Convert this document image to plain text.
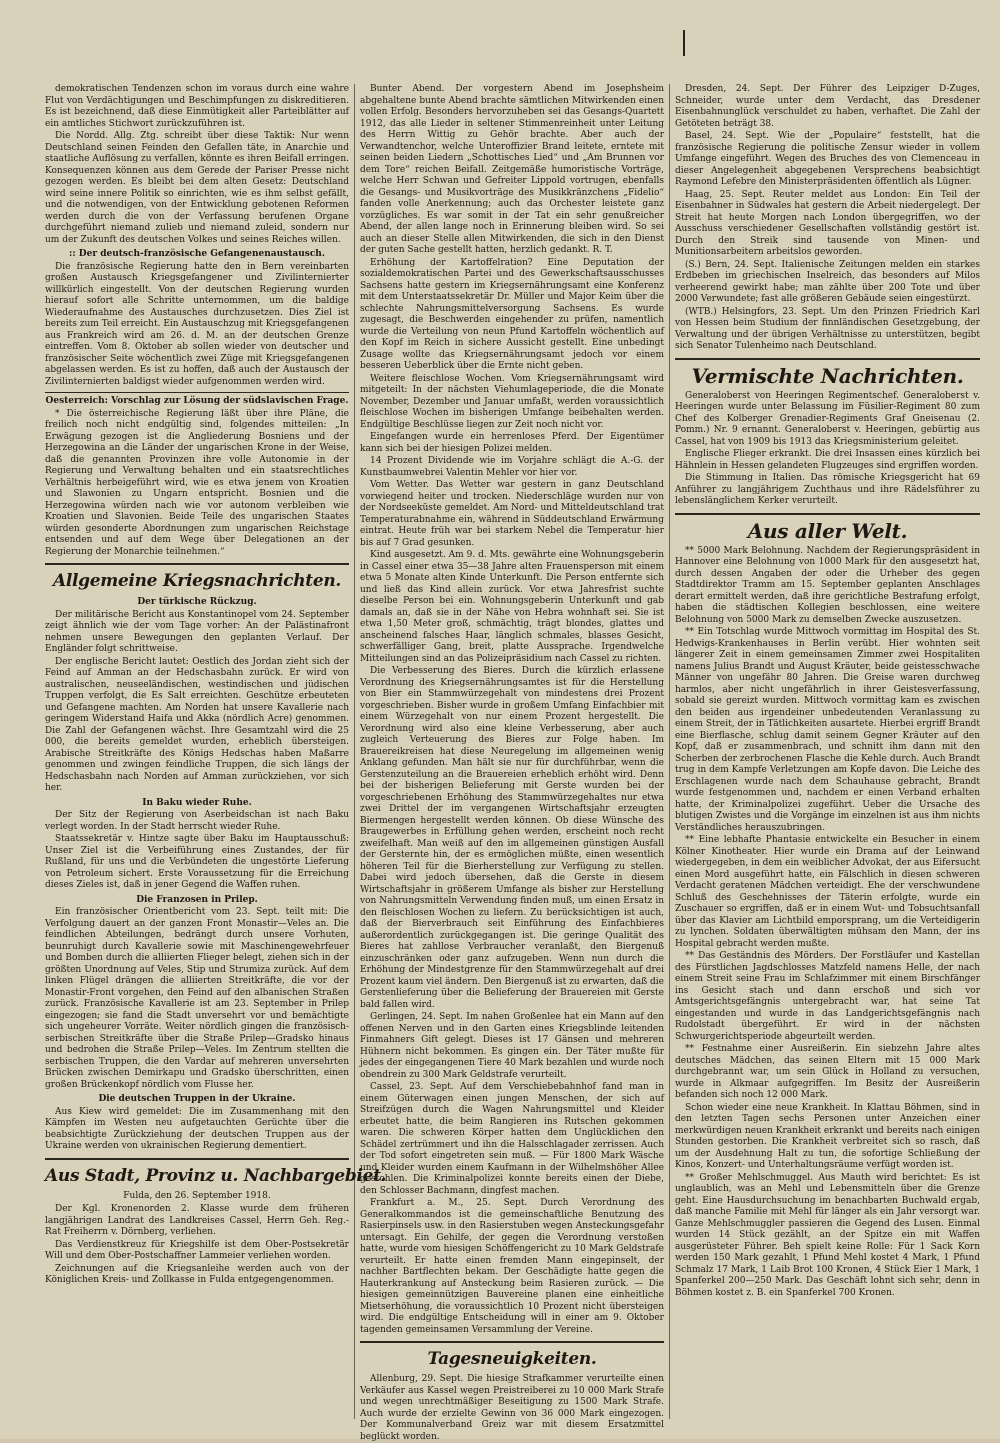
demokratischen Tendenzen schon im voraus durch eine wahre Flut von Verdächtigungen und Beschimpfungen zu diskreditieren. Es ist bezeichnend, daß diese Einmütigkeit aller Parteiblätter auf ein amtliches Stichwort zurückzuführen ist.

Die Nordd. Allg. Ztg. schreibt über diese Taktik: Nur wenn Deutschland seinen Feinden den Gefallen täte, in Anarchie und staatliche Auflösung zu verfallen, könnte es ihren Beifall erringen. Konsequenzen können aus dem Gerede der Pariser Presse nicht gezogen werden. Es bleibt bei dem alten Gesetz: Deutschland wird seine innere Politik so einrichten, wie es ihm selbst gefällt, und die notwendigen, von der Entwicklung gebotenen Reformen werden durch die von der Verfassung berufenen Organe durchgeführt niemand zulieb und niemand zuleid, sondern nur um der Zukunft des deutschen Volkes und seines Reiches willen.

:: Der deutsch-französische Gefangenenaustausch.

Die französische Regierung hatte den in Bern vereinbarten großen Austausch Kriegsgefangener und Zivilinternierter willkürlich eingestellt. Von der deutschen Regierung wurden hierauf sofort alle Schritte unternommen, um die baldige Wiederaufnahme des Austausches durchzusetzen. Dies Ziel ist bereits zum Teil erreicht. Ein Austauschzug mit Kriegsgefangenen aus Frankreich wird am 26. d. M. an der deutschen Grenze eintreffen. Vom 8. Oktober ab sollen wieder von deutscher und französischer Seite wöchentlich zwei Züge mit Kriegsgefangenen abgelassen werden. Es ist zu hoffen, daß auch der Austausch der Zivilinternierten baldigst wieder aufgenommen werden wird.

Oesterreich: Vorschlag zur Lösung der südslavischen Frage.

* Die österreichische Regierung läßt über ihre Pläne, die freilich noch nicht endgültig sind, folgendes mitteilen: „In Erwägung gezogen ist die Angliederung Bosniens und der Herzegowina an die Länder der ungarischen Krone in der Weise, daß die genannten Provinzen ihre volle Autonomie in der Regierung und Verwaltung behalten und ein staatsrechtliches Verhältnis herbeigeführt wird, wie es etwa jenem von Kroatien und Slawonien zu Ungarn entspricht. Bosnien und die Herzegowina würden nach wie vor autonom verbleiben wie Kroatien und Slavonien. Beide Teile des ungarischen Staates würden gesonderte Abordnungen zum ungarischen Reichstage entsenden und auf dem Wege über Delegationen an der Regierung der Monarchie teilnehmen.“

Allgemeine Kriegsnachrichten.
Der türkische Rückzug.

Der militärische Bericht aus Konstantinopel vom 24. September zeigt ähnlich wie der vom Tage vorher: An der Palästinafront nehmen unsere Bewegungen den geplanten Verlauf. Der Engländer folgt schrittweise.

Der englische Bericht lautet: Oestlich des Jordan zieht sich der Feind auf Amman an der Hedschasbahn zurück. Er wird von australischen, neuseeländischen, westindischen und jüdischen Truppen verfolgt, die Es Salt erreichten. Geschütze erbeuteten und Gefangene machten. Am Norden hat unsere Kavallerie nach geringem Widerstand Haifa und Akka (nördlich Acre) genommen. Die Zahl der Gefangenen wächst. Ihre Gesamtzahl wird die 25 000, die bereits gemeldet wurden, erheblich übersteigen. Arabische Streitkräfte des Königs Hedschas haben Maßarre genommen und zwingen feindliche Truppen, die sich längs der Hedschasbahn nach Norden auf Amman zurückziehen, vor sich her.

In Baku wieder Ruhe.

Der Sitz der Regierung von Aserbeidschan ist nach Baku verlegt worden. In der Stadt herrscht wieder Ruhe.

Staatssekretär v. Hintze sagte über Baku im Hauptausschuß: Unser Ziel ist die Verbeiführung eines Zustandes, der für Rußland, für uns und die Verbündeten die ungestörte Lieferung von Petroleum sichert. Erste Voraussetzung für die Erreichung dieses Zieles ist, daß in jener Gegend die Waffen ruhen.

Die Franzosen in Prilep.

Ein französischer Orientbericht vom 23. Sept. teilt mit: Die Verfolgung dauert an der ganzen Front Monastir—Veles an. Die feindlichen Abteilungen, bedrängt durch unsere Vorhuten, beunruhigt durch Kavallerie sowie mit Maschinengewehrfeuer und Bomben durch die alliierten Flieger belegt, ziehen sich in der größten Unordnung auf Veles, Stip und Strumiza zurück. Auf dem linken Flügel drängen die alliierten Streitkräfte, die vor der Monastir-Front vorgehen, den Feind auf den albanischen Straßen zurück. Französische Kavallerie ist am 23. September in Prilep eingezogen; sie fand die Stadt unversehrt vor und bemächtigte sich ungeheurer Vorräte. Weiter nördlich gingen die französisch-serbischen Streitkräfte über die Straße Prilep—Gradsko hinaus und bedrohen die Straße Prilep—Veles. Im Zentrum stellten die serbischen Truppen, die den Vardar auf mehreren unversehrten Brücken zwischen Demirkapu und Gradsko überschritten, einen großen Brückenkopf nördlich vom Flusse her.

Die deutschen Truppen in der Ukraine.

Aus Kiew wird gemeldet: Die im Zusammenhang mit den Kämpfen im Westen neu aufgetauchten Gerüchte über die beabsichtigte Zurückziehung der deutschen Truppen aus der Ukraine werden von ukrainischen Regierung dementiert.

Aus Stadt, Provinz u. Nachbargebiet.
Fulda, den 26. September 1918.

Der Kgl. Kronenorden 2. Klasse wurde dem früheren langjährigen Landrat des Landkreises Cassel, Herrn Geh. Reg.-Rat Freiherrn v. Dörnberg, verliehen.

Das Verdienstkreuz für Kriegshilfe ist dem Ober-Postsekretär Will und dem Ober-Postschaffner Lammeier verliehen worden.

Zeichnungen auf die Kriegsanleihe werden auch von der Königlichen Kreis- und Zollkasse in Fulda entgegengenommen.

Bunter Abend. Der vorgestern Abend im Josephsheim abgehaltene bunte Abend brachte sämtlichen Mitwirkenden einen vollen Erfolg. Besonders hervorzuheben sei das Gesangs-Quartett 1912, das alle Lieder in seltener Stimmenreinheit unter Leitung des Herrn Wittig zu Gehör brachte. Aber auch der Verwandtenchor, welche Unteroffizier Brand leitete, erntete mit seinen beiden Liedern „Schottisches Lied“ und „Am Brunnen vor dem Tore“ reichen Beifall. Zeitgemäße humoristische Vorträge, welche Herr Schwan und Gefreiter Lippold vortrugen, ebenfalls die Gesangs- und Musikvorträge des Musikkränzchens „Fidelio“ fanden volle Anerkennung; auch das Orchester leistete ganz vorzügliches. Es war somit in der Tat ein sehr genußreicher Abend, der allen lange noch in Erinnerung bleiben wird. So sei auch an dieser Stelle allen Mitwirkenden, die sich in den Dienst der guten Sache gestellt hatten, herzlich gedankt. R. T.

Erhöhung der Kartoffelration? Eine Deputation der sozialdemokratischen Partei und des Gewerkschaftsausschusses Sachsens hatte gestern im Kriegsernährungsamt eine Konferenz mit dem Unterstaatssekretär Dr. Müller und Major Keim über die schlechte Nahrungsmittelversorgung Sachsens. Es wurde zugesagt, die Beschwerden eingehender zu prüfen, namentlich wurde die Verteilung von neun Pfund Kartoffeln wöchentlich auf den Kopf im Reich in sichere Aussicht gestellt. Eine unbedingt Zusage wollte das Kriegsernährungsamt jedoch vor einem besseren Ueberblick über die Ernte nicht geben.

Weitere fleischlose Wochen. Vom Kriegsernährungsamt wird mitgeteilt: In der nächsten Viehumlageperiode, die die Monate November, Dezember und Januar umfaßt, werden voraussichtlich fleischlose Wochen im bisherigen Umfange beibehalten werden. Endgültige Beschlüsse liegen zur Zeit noch nicht vor.

Eingefangen wurde ein herrenloses Pferd. Der Eigentümer kann sich bei der hiesigen Polizei melden.

14 Prozent Dividende wie im Vorjahre schlägt die A.-G. der Kunstbaumwebrei Valentin Mehler vor hier vor.

Vom Wetter. Das Wetter war gestern in ganz Deutschland vorwiegend heiter und trocken. Niederschläge wurden nur von der Nordseeküste gemeldet. Am Nord- und Mitteldeutschland trat Temperaturabnahme ein, während in Süddeutschland Erwärmung eintrat. Heute früh war bei starkem Nebel die Temperatur hier bis auf 7 Grad gesunken.

Kind ausgesetzt. Am 9. d. Mts. gewährte eine Wohnungsgeberin in Cassel einer etwa 35—38 Jahre alten Frauensperson mit einem etwa 5 Monate alten Kinde Unterkunft. Die Person entfernte sich und ließ das Kind allein zurück. Vor etwa Jahresfrist suchte dieselbe Person bei ein. Wohnungsgeberin Unterkunft und gab damals an, daß sie in der Nähe von Hebra wohnhaft sei. Sie ist etwa 1,50 Meter groß, schmächtig, trägt blondes, glattes und anscheinend falsches Haar, länglich schmales, blasses Gesicht, schwerfälliger Gang, breit, platte Aussprache. Irgendwelche Mitteilungen sind an das Polizeipräsidium nach Cassel zu richten.

Die Verbesserung des Bieres. Durch die kürzlich erlassene Verordnung des Kriegsernährungsamtes ist für die Herstellung von Bier ein Stammwürzegehalt von mindestens drei Prozent vorgeschrieben. Bisher wurde in großem Umfang Einfachbier mit einem Würzegehalt von nur einem Prozent hergestellt. Die Verordnung wird also eine kleine Verbesserung, aber auch zugleich Verteuerung des Bieres zur Folge haben. Im Brauereikreisen hat diese Neuregelung im allgemeinen wenig Anklang gefunden. Man hält sie nur für durchführbar, wenn die Gerstenzuteilung an die Brauereien erheblich erhöht wird. Denn bei der bisherigen Belieferung mit Gerste wurden bei der vorgeschriebenen Erhöhung des Stammwürzegehaltes nur etwa zwei Drittel der im vergangenen Wirtschaftsjahr erzeugten Biermengen hergestellt werden können. Ob diese Wünsche des Braugewerbes in Erfüllung gehen werden, erscheint noch recht zweifelhaft. Man weiß auf den im allgemeinen günstigen Ausfall der Gersternte hin, der es ermöglichen müßte, einen wesentlich höheren Teil für die Bierherstellung zur Verfügung zu stellen. Dabei wird jedoch übersehen, daß die Gerste in diesem Wirtschaftsjahr in größerem Umfange als bisher zur Herstellung von Nahrungsmitteln Verwendung finden muß, um einen Ersatz in den fleischlosen Wochen zu liefern. Zu berücksichtigen ist auch, daß der Bierverbrauch seit Einführung des Einfachbieres außerordentlich zurückgegangen ist. Die geringe Qualität des Bieres hat zahllose Verbraucher veranlaßt, den Biergenuß einzuschränken oder ganz aufzugeben. Wenn nun durch die Erhöhung der Mindestgrenze für den Stammwürzegehalt auf drei Prozent kaum viel ändern. Den Biergenuß ist zu erwarten, daß die Gerstenlieferung über die Belieferung der Brauereien mit Gerste bald fallen wird.

Gerlingen, 24. Sept. Im nahen Großenlee hat ein Mann auf den offenen Nerven und in den Garten eines Kriegsblinde leitenden Finmahners Gift gelegt. Dieses ist 17 Gänsen und mehreren Hühnern nicht bekommen. Es gingen ein. Der Täter mußte für jedes der eingegangenen Tiere 40 Mark bezahlen und wurde noch obendrein zu 300 Mark Geldstrafe verurteilt.

Cassel, 23. Sept. Auf dem Verschiebebahnhof fand man in einem Güterwagen einen jungen Menschen, der sich auf Streifzügen durch die Wagen Nahrungsmittel und Kleider erbeutet hatte, die beim Rangieren ins Rutschen gekommen waren. Die schweren Körper hatten dem Unglücklichen den Schädel zertrümmert und ihn die Halsschlagader zerrissen. Auch der Tod sofort eingetreten sein muß. — Für 1800 Mark Wäsche und Kleider wurden einem Kaufmann in der Wilhelmshöher Allee gestohlen. Die Kriminalpolizei konnte bereits einen der Diebe, den Schlosser Bachmann, dingfest machen.

Frankfurt a. M., 25. Sept. Durch Verordnung des Generalkommandos ist die gemeinschaftliche Benutzung des Rasierpinsels usw. in den Rasierstuben wegen Ansteckungsgefahr untersagt. Ein Gehilfe, der gegen die Verordnung verstoßen hatte, wurde vom hiesigen Schöffengericht zu 10 Mark Geldstrafe verurteilt. Er hatte einen fremden Mann eingepinselt, der nachher Bartflechten bekam. Der Geschädigte hatte gegen die Hauterkrankung auf Ansteckung beim Rasieren zurück. — Die hiesigen gemeinnützigen Bauvereine planen eine einheitliche Mietserhöhung, die voraussichtlich 10 Prozent nicht übersteigen wird. Die endgültige Entscheidung will in einer am 9. Oktober tagenden gemeinsamen Versammlung der Vereine.

Tagesneuigkeiten.

Allenburg, 29. Sept. Die hiesige Strafkammer verurteilte einen Verkäufer aus Kassel wegen Preistreiberei zu 10 000 Mark Strafe und wegen unrechtmäßiger Beseitigung zu 1500 Mark Strafe. Auch wurde der erzielte Gewinn von 36 000 Mark eingezogen. Der Kommunalverband Greiz war mit diesem Ersatzmittel beglückt worden.

Dresden, 24. Sept. Der Führer des Leipziger D-Zuges, Schneider, wurde unter dem Verdacht, das Dresdener Eisenbahnunglück verschuldet zu haben, verhaftet. Die Zahl der Getöteten beträgt 38.

Basel, 24. Sept. Wie der „Populaire“ feststellt, hat die französische Regierung die politische Zensur wieder in vollem Umfange eingeführt. Wegen des Bruches des von Clemenceau in dieser Angelegenheit abgegebenen Versprechens beabsichtigt Raymond Lefebre den Ministerpräsidenten öffentlich als Lügner.

Haag, 25. Sept. Reuter meldet aus London: Ein Teil der Eisenbahner in Südwales hat gestern die Arbeit niedergelegt. Der Streit hat heute Morgen nach London übergegriffen, wo der Ausschuss verschiedener Gesellschaften vollständig gestört ist. Durch den Streik sind tausende von Minen- und Munitionsarbeitern arbeitslos geworden.

(S.) Bern, 24. Sept. Italienische Zeitungen melden ein starkes Erdbeben im griechischen Inselreich, das besonders auf Milos verheerend gewirkt habe; man zählte über 200 Tote und über 2000 Verwundete; fast alle größeren Gebäude seien eingestürzt.

(WTB.) Helsingfors, 23. Sept. Um den Prinzen Friedrich Karl von Hessen beim Studium der finnländischen Gesetzgebung, der Verwaltung und der übrigen Verhältnisse zu unterstützen, begibt sich Senator Tulenheimo nach Deutschland.

Vermischte Nachrichten.

Generaloberst von Heeringen Regimentschef. Generaloberst v. Heeringen wurde unter Belassung im Füsilier-Regiment 80 zum Chef des Kolberger Grenadier-Regiments Graf Gneisenau (2. Pomm.) Nr. 9 ernannt. Generaloberst v. Heeringen, gebürtig aus Cassel, hat von 1909 bis 1913 das Kriegsministerium geleitet.

Englische Flieger erkrankt. Die drei Insassen eines kürzlich bei Hähnlein in Hessen gelandeten Flugzeuges sind ergriffen worden.

Die Stimmung in Italien. Das römische Kriegsgericht hat 69 Anführer zu langjährigem Zuchthaus und ihre Rädelsführer zu lebenslänglichem Kerker verurteilt.

Aus aller Welt.

** 5000 Mark Belohnung. Nachdem der Regierungspräsident in Hannover eine Belohnung von 1000 Mark für den ausgesetzt hat, durch dessen Angaben der oder die Urheber des gegen Stadtdirektor Tramm am 15. September geplanten Anschlages derart ermittelt werden, daß ihre gerichtliche Bestrafung erfolgt, haben die städtischen Kollegien beschlossen, eine weitere Belohnung von 5000 Mark zu demselben Zwecke auszusetzen.

** Ein Totschlag wurde Mittwoch vormittag im Hospital des St. Hedwigs-Krankenhauses in Berlin verübt. Hier wohnten seit längerer Zeit in einem gemeinsamen Zimmer zwei Hospitaliten namens Julius Brandt und August Kräuter, beide geistesschwache Männer von ungefähr 80 Jahren. Die Greise waren durchweg harmlos, aber nicht ungefährlich in ihrer Geistesverfassung, sobald sie gereizt wurden. Mittwoch vormittag kam es zwischen den beiden aus irgendeiner unbedeutenden Veranlassung zu einem Streit, der in Tätlichkeiten ausartete. Hierbei ergriff Brandt eine Bierflasche, schlug damit seinem Gegner Kräuter auf den Kopf, daß er zusammenbrach, und schnitt ihm dann mit den Scherben der zerbrochenen Flasche die Kehle durch. Auch Brandt trug in dem Kampfe Verletzungen am Kopfe davon. Die Leiche des Erschlagenen wurde nach dem Schauhause gebracht, Brandt wurde festgenommen und, nachdem er einen Verband erhalten hatte, der Kriminalpolizei zugeführt. Ueber die Ursache des blutigen Zwistes und die Vorgänge im einzelnen ist aus ihm nichts Verständliches herauszubringen.

** Eine lebhafte Phantasie entwickelte ein Besucher in einem Kölner Kinotheater. Hier wurde ein Drama auf der Leinwand wiedergegeben, in dem ein weiblicher Advokat, der aus Eifersucht einen Mord ausgeführt hatte, ein Fälschlich in diesen schweren Verdacht geratenen Mädchen verteidigt. Ehe der verschwundene Schluß des Geschehnisses der Täterin erfolgte, wurde ein Zuschauer so ergriffen, daß er in einem Wut- und Tobsuchtsanfall über das Klavier am Lichtbild emporsprang, um die Verteidigerin zu lynchen. Soldaten überwältigten mühsam den Mann, der ins Hospital gebracht werden mußte.

** Das Geständnis des Mörders. Der Forstläufer und Kastellan des Fürstlichen Jagdschlosses Matzfeld namens Helle, der nach einem Streit seine Frau im Schlafzimmer mit einem Birschfänger ins Gesicht stach und dann erschoß und sich vor Amtsgerichtsgefängnis untergebracht war, hat seine Tat eingestanden und wurde in das Landgerichtsgefängnis nach Rudolstadt übergeführt. Er wird in der nächsten Schwurgerichtsperiode abgeurteilt werden.

** Festnahme einer Ausreißerin. Ein siebzehn Jahre altes deutsches Mädchen, das seinen Eltern mit 15 000 Mark durchgebrannt war, um sein Glück in Holland zu versuchen, wurde in Alkmaar aufgegriffen. Im Besitz der Ausreißerin befanden sich noch 12 000 Mark.

Schon wieder eine neue Krankheit. In Klattau Böhmen, sind in den letzten Tagen sechs Personen unter Anzeichen einer merkwürdigen neuen Krankheit erkrankt und bereits nach einigen Stunden gestorben. Die Krankheit verbreitet sich so rasch, daß um der Ausdehnung Halt zu tun, die sofortige Schließung der Kinos, Konzert- und Unterhaltungsräume verfügt worden ist.

** Großer Mehlschmuggel. Aus Mauth wird berichtet: Es ist unglaublich, was an Mehl und Lebensmitteln über die Grenze geht. Eine Hausdurchsuchung im benachbarten Buchwald ergab, daß manche Familie mit Mehl für länger als ein Jahr versorgt war. Ganze Mehlschmuggler passieren die Gegend des Lusen. Einmal wurden 14 Stück gezählt, an der Spitze ein mit Waffen ausgerüsteter Führer. Beh spielt keine Rolle: Für 1 Sack Korn werden 150 Mark gezahlt, 1 Pfund Mehl kostet 4 Mark, 1 Pfund Schmalz 17 Mark, 1 Laib Brot 100 Kronen, 4 Stück Eier 1 Mark, 1 Spanferkel 200—250 Mark. Das Geschäft lohnt sich sehr, denn in Böhmen kostet z. B. ein Spanferkel 700 Kronen.
